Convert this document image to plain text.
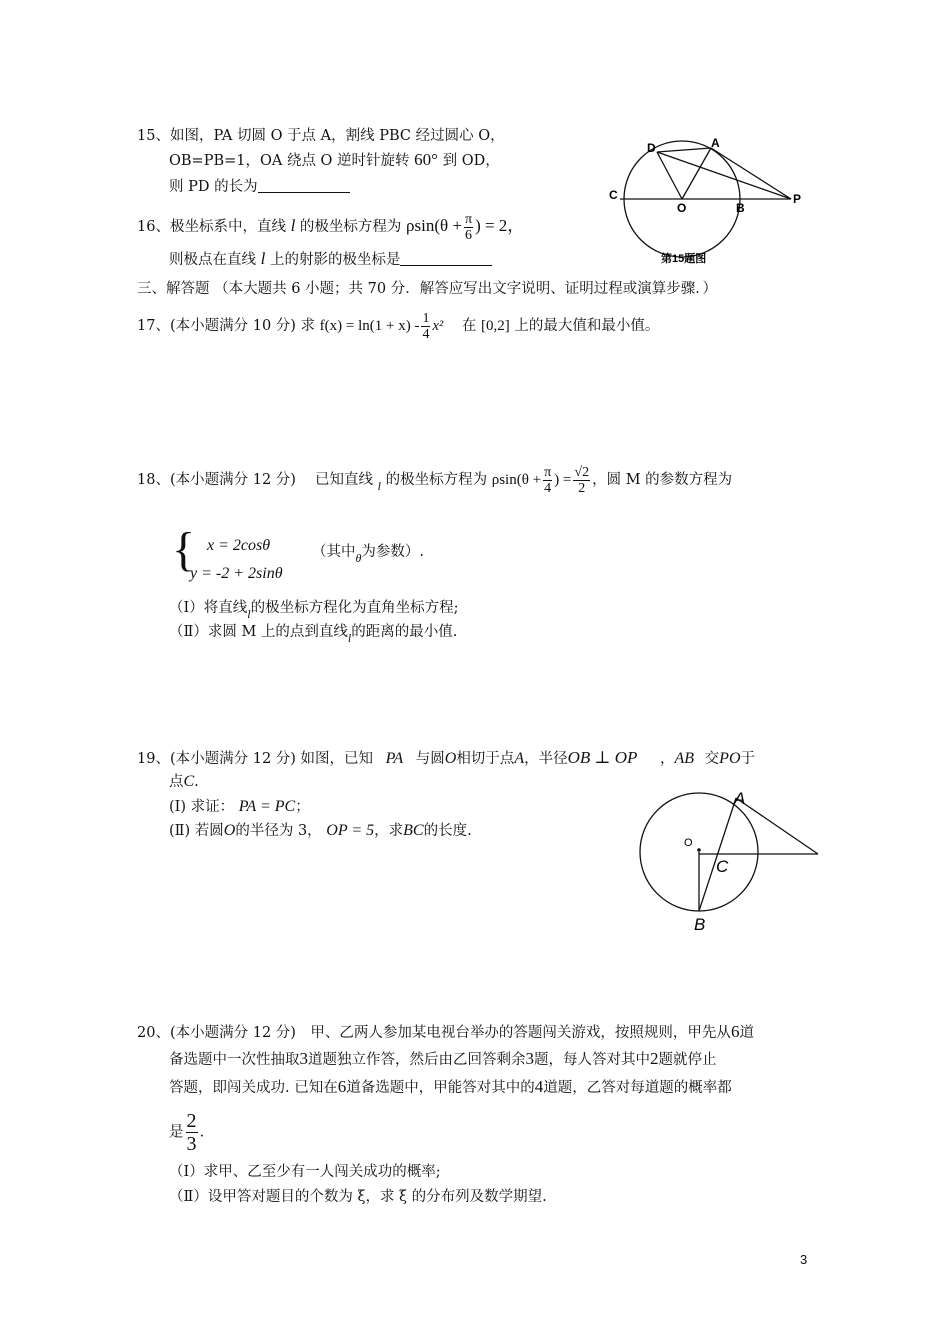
15、如图，PA 切圆 O 于点 A，割线 PBC 经过圆心 O，
OB=PB=1，OA 绕点 O 逆时针旋转 60° 到 OD，
则 PD 的长为
D	A
C
O	B
P
第15题图
16、极坐标系中，直线 l 的极坐标方程为 $\rho\sin(\theta + \frac{\pi}{6}$ ) = 2，
则极点在直线 l 上的射影的极坐标是
三、解答题 （本大题共 6 小题；共 70 分．解答应写出文字说明、证明过程或演算步骤．）
17、(本小题满分 10 分) 求 $f(x) = \ln(1 + x) - \frac{1}{4} x^2$ 在 [0,2] 上的最大值和最小值。
18、(本小题满分 12 分)　 已知直线 $_l$ 的极坐标方程为 $\rho\sin(\theta + \frac{\pi}{4}$ ) = $\frac{√2}{2}$ ，圆 M 的参数方程为
{ x = 2cosθ
y = -2 + 2sinθ
（其中$_\theta$为参数）.
（Ⅰ）将直线$_l$的极坐标方程化为直角坐标方程;
（Ⅱ）求圆 M 上的点到直线$_l$的距离的最小值.
19、(本小题满分 12 分) 如图，已知 PA 与圆O相切于点A，半径OB ⊥ OP ，AB 交PO于
点C.
(Ⅰ) 求证： PA = PC；
(Ⅱ) 若圆O的半径为 3， OP = 5，求BC的长度.
A
O
C
B
20、(本小题满分 12 分)　甲、乙两人参加某电视台举办的答题闯关游戏，按照规则，甲先从6道
备选题中一次性抽取3道题独立作答，然后由乙回答剩余3题，每人答对其中2题就停止
答题，即闯关成功. 已知在6道备选题中，甲能答对其中的4道题，乙答对每道题的概率都
是 $\frac{2}{3}$ .
（Ⅰ）求甲、乙至少有一人闯关成功的概率;
（Ⅱ）设甲答对题目的个数为 ξ，求 ξ 的分布列及数学期望.
3
